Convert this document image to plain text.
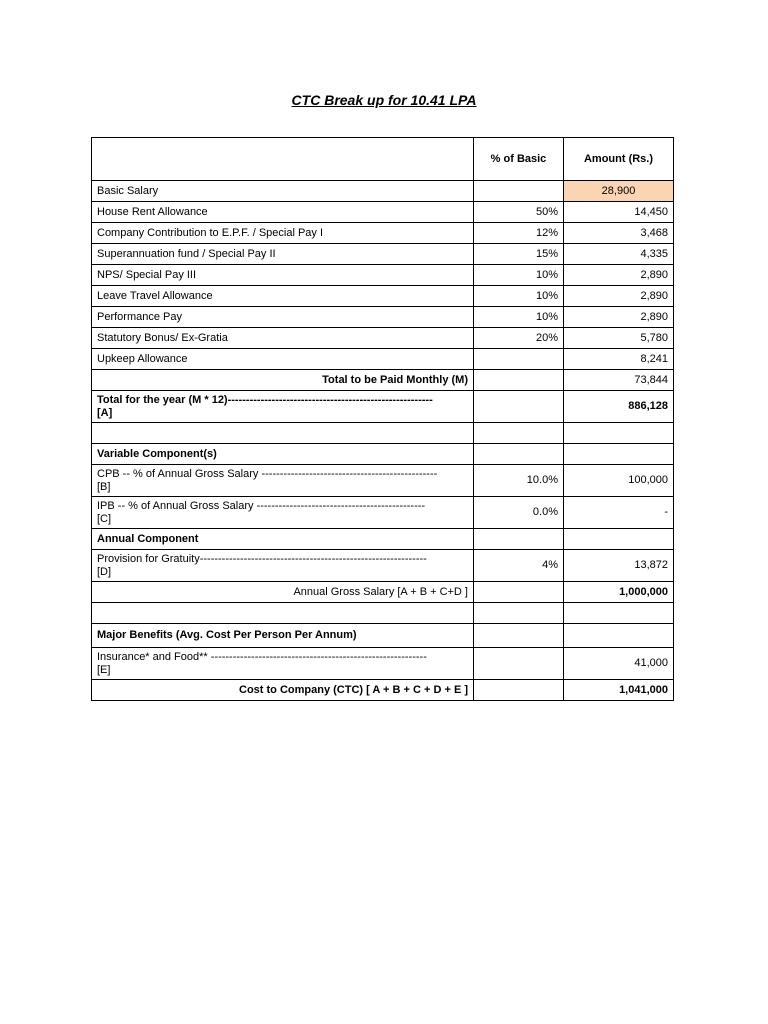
CTC Break up for 10.41 LPA
	% of Basic	Amount (Rs.)
Basic Salary		28,900
House Rent Allowance	50%	14,450
Company Contribution to E.P.F. / Special Pay I	12%	3,468
Superannuation fund / Special Pay II	15%	4,335
NPS/ Special Pay III	10%	2,890
Leave Travel Allowance	10%	2,890
Performance Pay	10%	2,890
Statutory Bonus/ Ex-Gratia	20%	5,780
Upkeep Allowance		8,241
Total to be Paid Monthly (M)		73,844

Total for the year (M * 12)--------------------------------------------------------
[A]		886,128

Variable Component(s)		

CPB -- % of Annual Gross Salary ------------------------------------------------
[B]	10.0%	100,000

IPB -- % of Annual Gross Salary ----------------------------------------------
[C]	0.0%	-
Annual Component		

Provision for Gratuity--------------------------------------------------------------
[D]	4%	13,872
Annual Gross Salary [A + B + C+D ]		1,000,000

Major Benefits (Avg. Cost Per Person Per Annum)		

Insurance* and Food** -----------------------------------------------------------
[E]		41,000
Cost to Company (CTC) [ A + B + C + D + E ]		1,041,000
